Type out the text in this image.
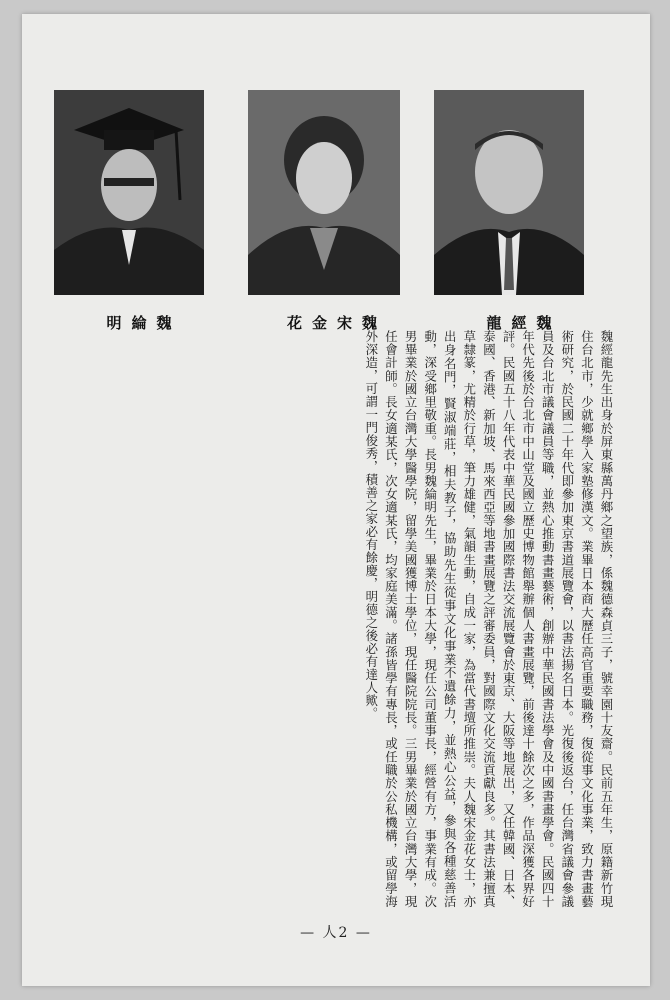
明綸魏	花金宋魏	龍經魏
魏經龍先生出身於屏東縣萬丹鄉之望族，係魏德森貞三子，號幸園十友齋。民前五年生，原籍新竹現住台北市，少就鄉學入家塾修漢文。業畢日本商大歷任高官重要職務，復從事文化事業，致力書畫藝術研究，於民國二十年代即參加東京書道展覽會，以書法揚名日本。光復後返台，任台灣省議會參議員及台北市議會議員等職，並熱心推動書畫藝術，創辦中華民國書法學會及中國書畫學會。民國四十年代先後於台北市中山堂及國立歷史博物館舉辦個人書畫展覽，前後達十餘次之多，作品深獲各界好評。民國五十八年代表中華民國參加國際書法交流展覽會於東京、大阪等地展出，又任韓國、日本、泰國、香港、新加坡、馬來西亞等地書畫展覽之評審委員，對國際文化交流貢獻良多。其書法兼擅真草隸篆，尤精於行草，筆力雄健，氣韻生動，自成一家，為當代書壇所推崇。夫人魏宋金花女士，亦出身名門，賢淑端莊，相夫教子，協助先生從事文化事業不遺餘力，並熱心公益，參與各種慈善活動，深受鄉里敬重。長男魏綸明先生，畢業於日本大學，現任公司董事長，經營有方，事業有成。次男畢業於國立台灣大學醫學院，留學美國獲博士學位，現任醫院院長。三男畢業於國立台灣大學，現任會計師。長女適某氏，次女適某氏，均家庭美滿。諸孫皆學有專長，或任職於公私機構，或留學海外深造，可謂一門俊秀，積善之家必有餘慶，明德之後必有達人歟。
— 人2 —
